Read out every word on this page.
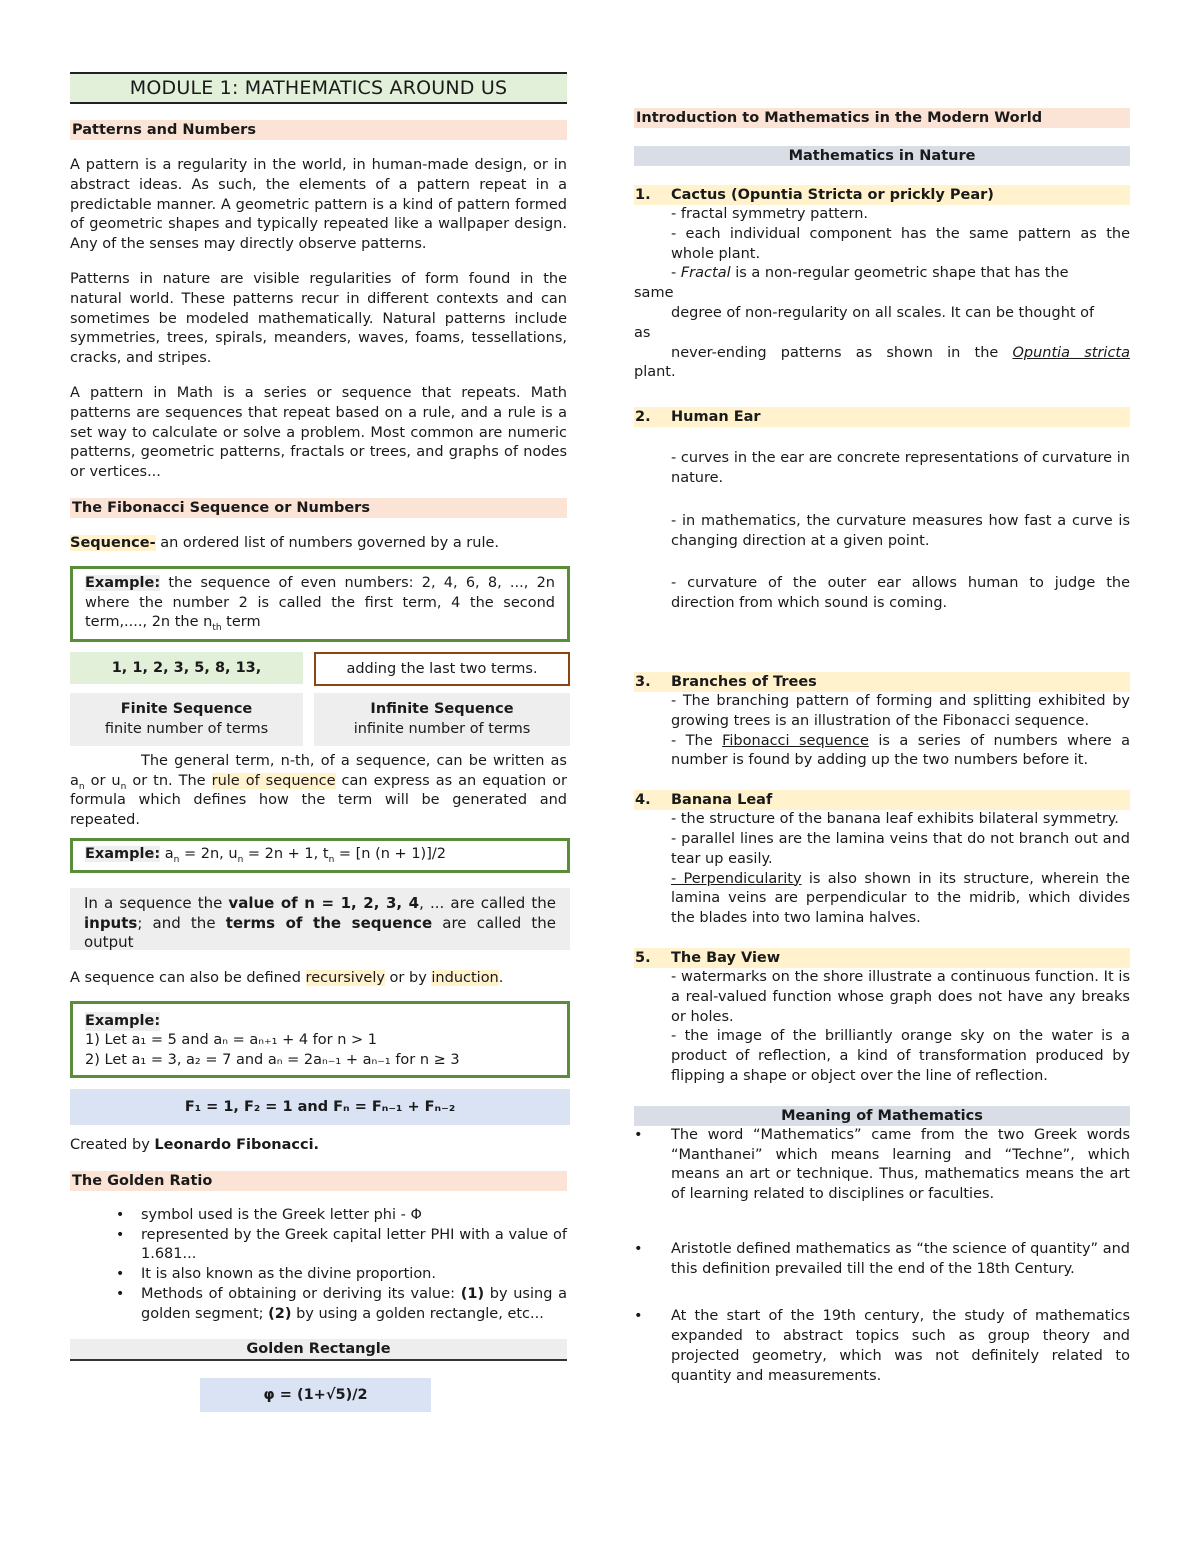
MODULE 1: MATHEMATICS AROUND US
Patterns and Numbers

A pattern is a regularity in the world, in human-made design, or in abstract ideas. As such, the elements of a pattern repeat in a predictable manner. A geometric pattern is a kind of pattern formed of geometric shapes and typically repeated like a wallpaper design. Any of the senses may directly observe patterns.

Patterns in nature are visible regularities of form found in the natural world. These patterns recur in different contexts and can sometimes be modeled mathematically. Natural patterns include symmetries, trees, spirals, meanders, waves, foams, tessellations, cracks, and stripes.

A pattern in Math is a series or sequence that repeats. Math patterns are sequences that repeat based on a rule, and a rule is a set way to calculate or solve a problem. Most common are numeric patterns, geometric patterns, fractals or trees, and graphs of nodes or vertices...

The Fibonacci Sequence or Numbers

Sequence- an ordered list of numbers governed by a rule.

Example: the sequence of even numbers: 2, 4, 6, 8, ..., 2n where the number 2 is called the first term, 4 the second term,...., 2n the $n_{th}$ term
1, 1, 2, 3, 5, 8, 13,	adding the last two terms.
Finite Sequence
finite number of terms
Infinite Sequence
infinite number of terms

The general term, n-th, of a sequence, can be written as $a_n$ or $u_n$ or tn. The rule of sequence can express as an equation or formula which defines how the term will be generated and repeated.

Example: $a_n = 2n$, $u_n = 2n + 1$, $t_n = [n$ (n + 1)]/2
In a sequence the value of n = 1, 2, 3, 4, ... are called the inputs; and the terms of the sequence are called the output

A sequence can also be defined recursively or by induction.

Example:
1) Let a₁ = 5 and aₙ = aₙ₊₁ + 4 for n > 1
2) Let a₁ = 3, a₂ = 7 and aₙ = 2aₙ₋₁ + aₙ₋₁ for n ≥ 3
F₁ = 1, F₂ = 1 and Fₙ = Fₙ₋₁ + Fₙ₋₂

Created by Leonardo Fibonacci.

The Golden Ratio
• symbol used is the Greek letter phi - Φ
• represented by the Greek capital letter PHI with a value of 1.681...
• It is also known as the divine proportion.
• Methods of obtaining or deriving its value: (1) by using a golden segment; (2) by using a golden rectangle, etc...
Golden Rectangle
φ = (1+√5)/2
Introduction to Mathematics in the Modern World
Mathematics in Nature
1.	Cactus (Opuntia Stricta or prickly Pear)
- fractal symmetry pattern.
- each individual component has the same pattern as the whole plant.
- Fractal is a non-regular geometric shape that has the
same
degree of non-regularity on all scales. It can be thought of
as
never-ending patterns as shown in the Opuntia stricta
plant.
2.	Human Ear
- curves in the ear are concrete representations of curvature in nature.
- in mathematics, the curvature measures how fast a curve is changing direction at a given point.
- curvature of the outer ear allows human to judge the direction from which sound is coming.
3.	Branches of Trees
- The branching pattern of forming and splitting exhibited by growing trees is an illustration of the Fibonacci sequence.
- The Fibonacci sequence is a series of numbers where a number is found by adding up the two numbers before it.
4.	Banana Leaf
- the structure of the banana leaf exhibits bilateral symmetry.
- parallel lines are the lamina veins that do not branch out and tear up easily.
- Perpendicularity is also shown in its structure, wherein the lamina veins are perpendicular to the midrib, which divides the blades into two lamina halves.
5.	The Bay View
- watermarks on the shore illustrate a continuous function. It is a real-valued function whose graph does not have any breaks or holes.
- the image of the brilliantly orange sky on the water is a product of reflection, a kind of transformation produced by flipping a shape or object over the line of reflection.
Meaning of Mathematics
• The word “Mathematics” came from the two Greek words “Manthanei” which means learning and “Techne”, which means an art or technique. Thus, mathematics means the art of learning related to disciplines or faculties.
• Aristotle defined mathematics as “the science of quantity” and this definition prevailed till the end of the 18th Century.
• At the start of the 19th century, the study of mathematics expanded to abstract topics such as group theory and projected geometry, which was not definitely related to quantity and measurements.
